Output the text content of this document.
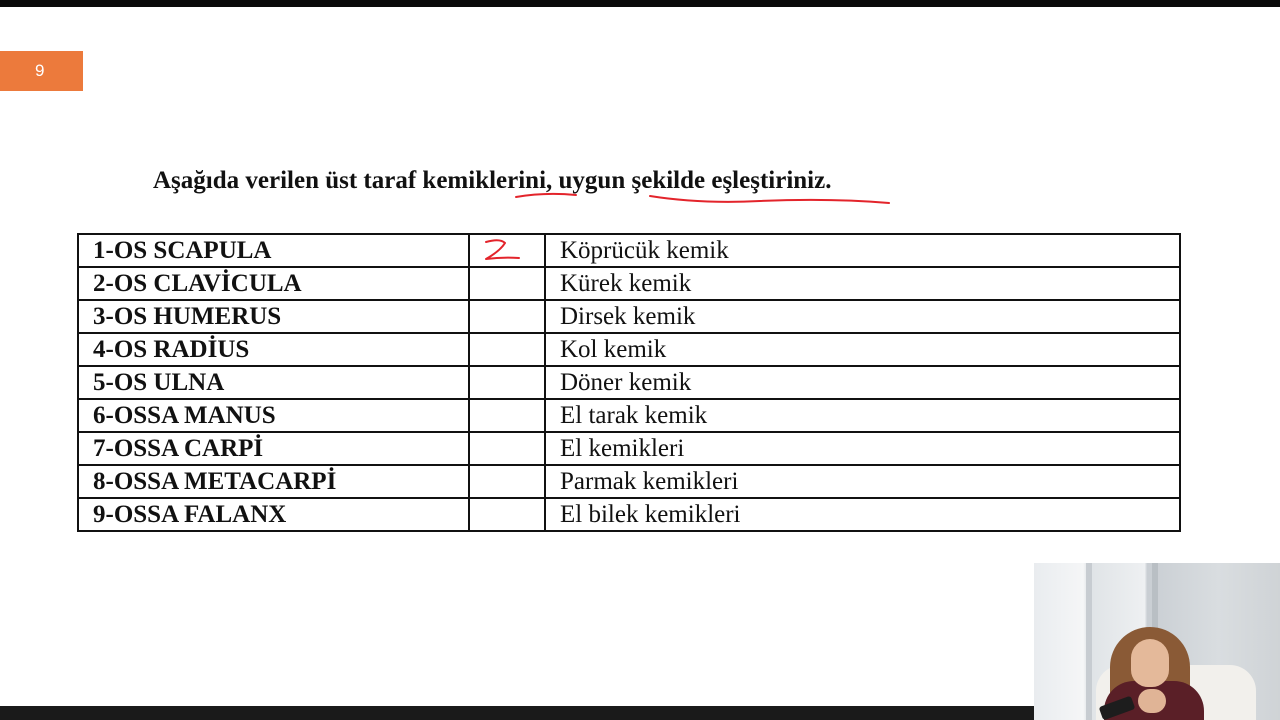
9

Aşağıda verilen üst taraf kemiklerini, uygun şekilde eşleştiriniz.

1-OS SCAPULA		Köprücük kemik
2-OS CLAVİCULA		Kürek kemik
3-OS HUMERUS		Dirsek kemik
4-OS RADİUS		Kol kemik
5-OS ULNA		Döner kemik
6-OSSA MANUS		El tarak kemik
7-OSSA CARPİ		El kemikleri
8-OSSA METACARPİ		Parmak kemikleri
9-OSSA FALANX		El bilek kemikleri
